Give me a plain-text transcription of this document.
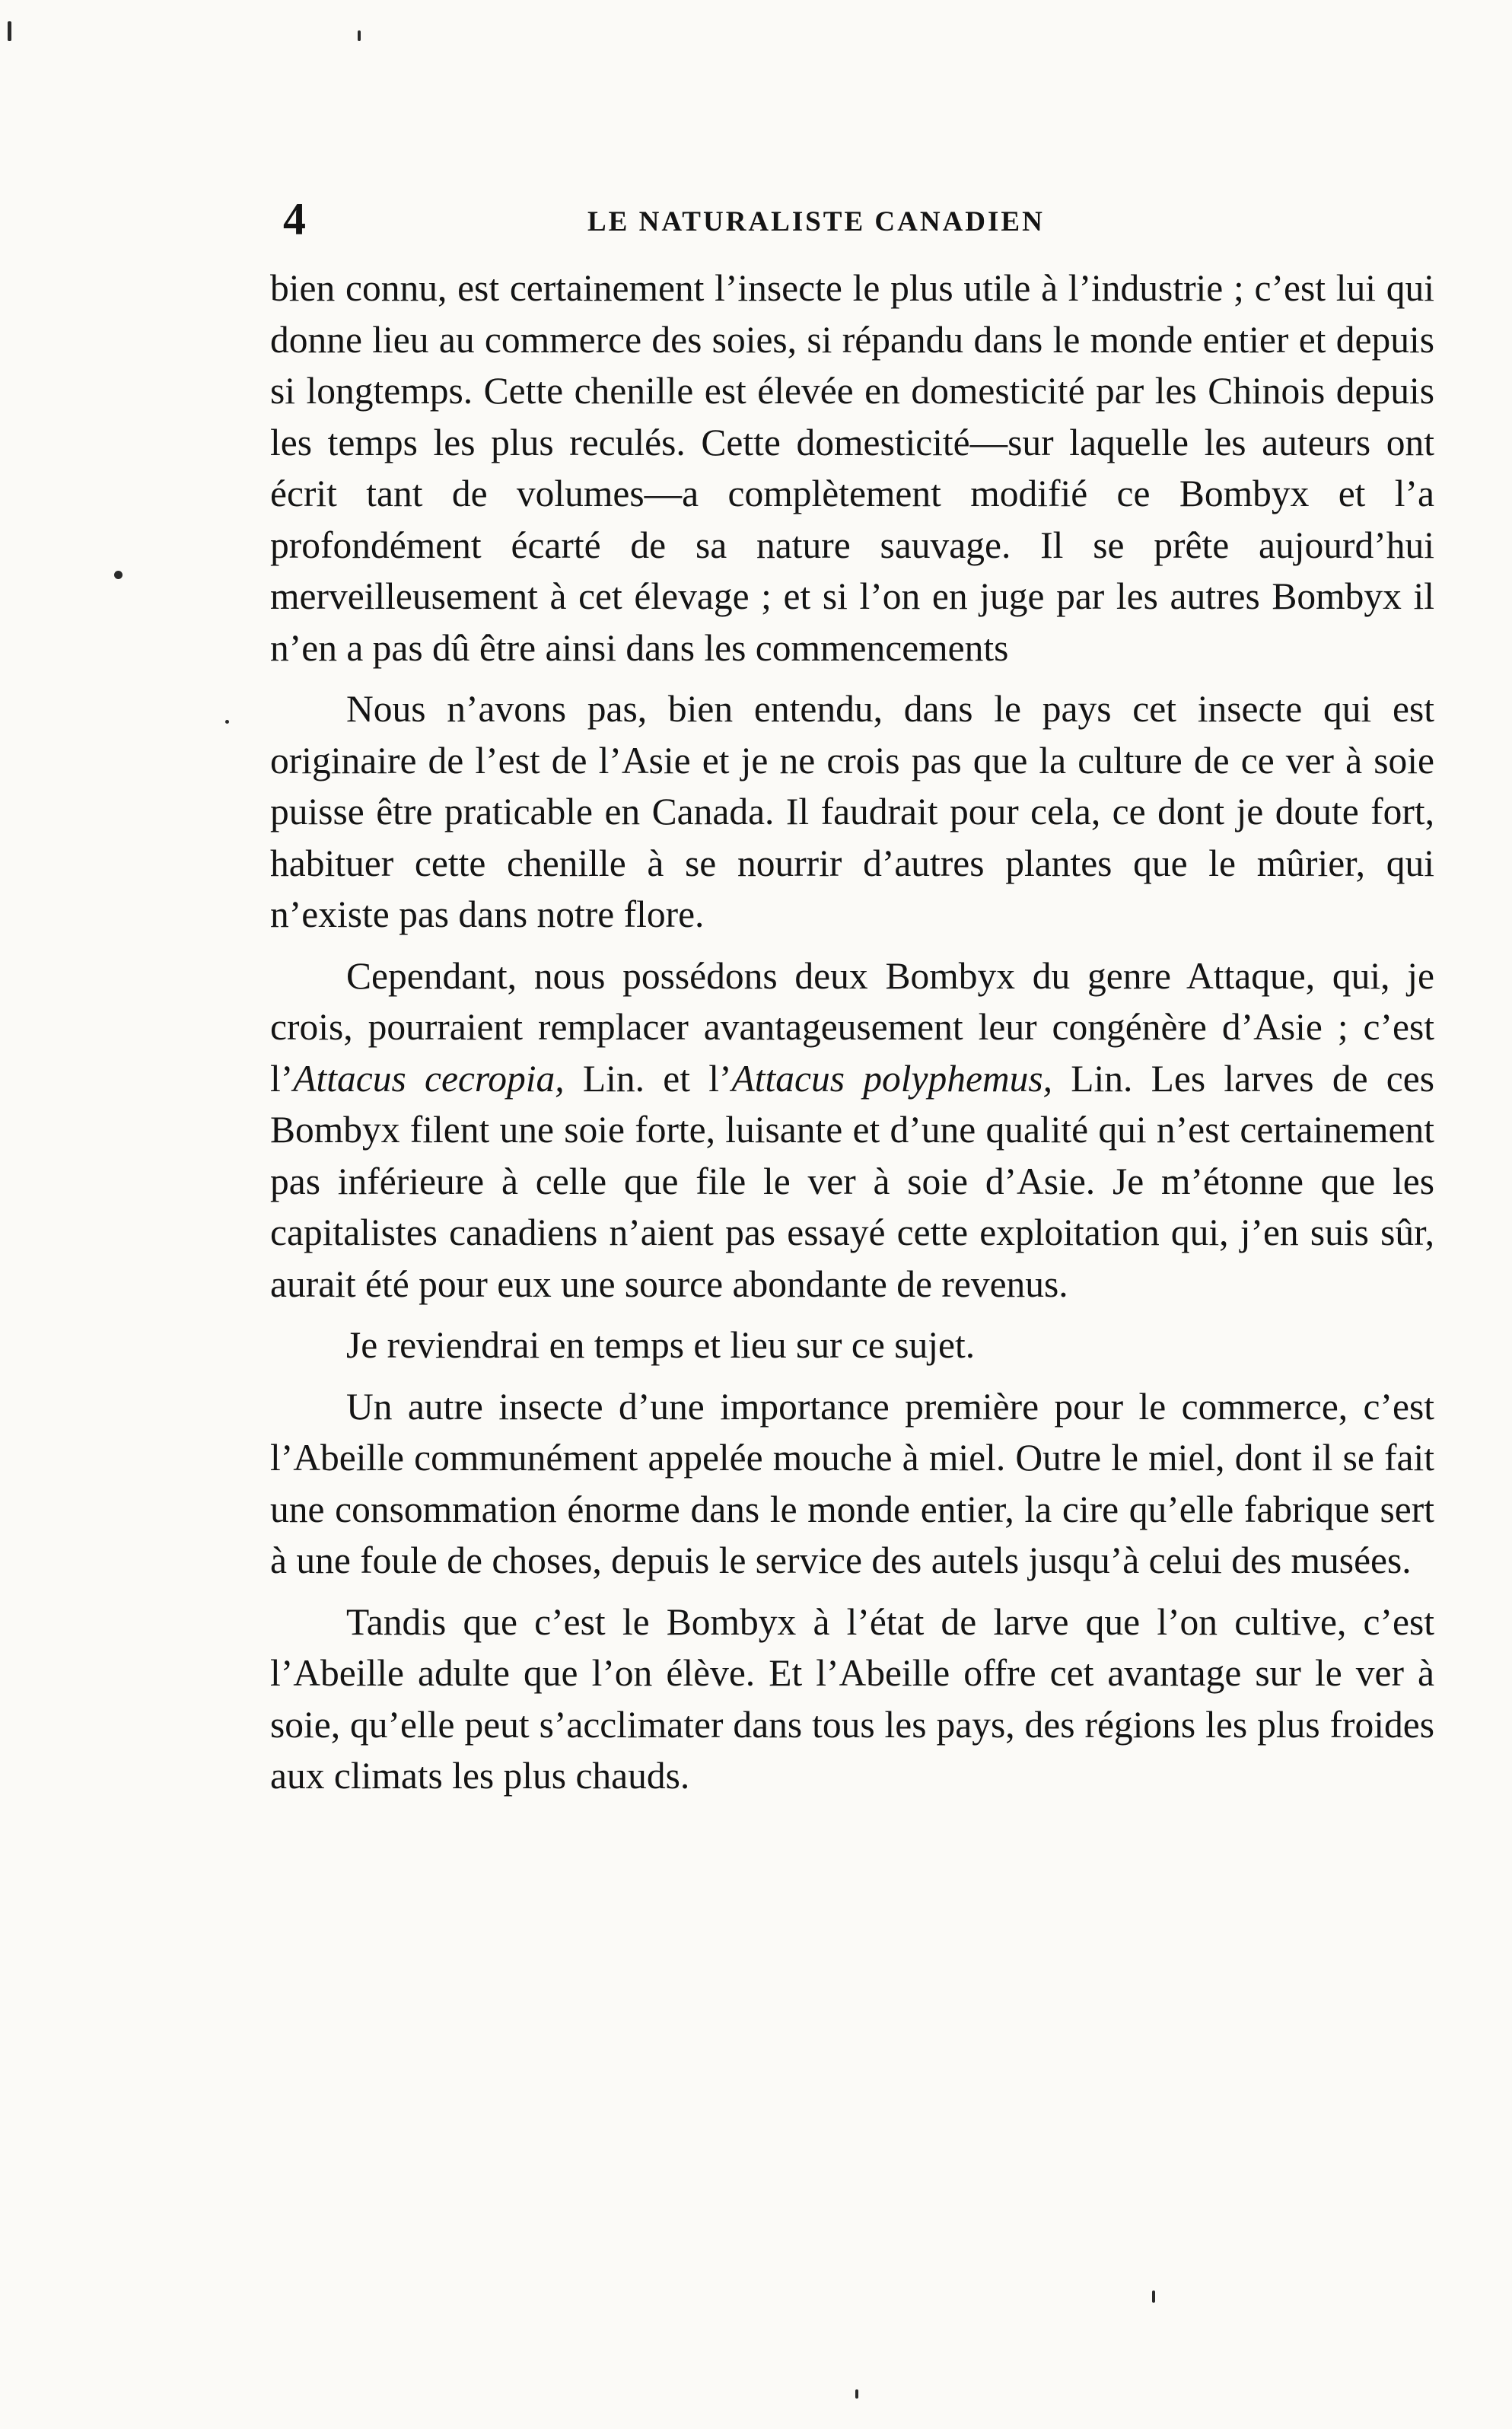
4	LE NATURALISTE CANADIEN

bien connu, est certainement l’insecte le plus utile à l’industrie ; c’est lui qui donne lieu au commerce des soies, si répandu dans le monde entier et depuis si longtemps. Cette chenille est élevée en domesticité par les Chinois depuis les temps les plus reculés. Cette domesticité—sur laquelle les auteurs ont écrit tant de volumes—a complètement modifié ce Bombyx et l’a profondément écarté de sa nature sauvage. Il se prête aujourd’hui merveilleusement à cet élevage ; et si l’on en juge par les autres Bombyx il n’en a pas dû être ainsi dans les commencements

Nous n’avons pas, bien entendu, dans le pays cet insecte qui est originaire de l’est de l’Asie et je ne crois pas que la culture de ce ver à soie puisse être praticable en Canada. Il faudrait pour cela, ce dont je doute fort, habituer cette chenille à se nourrir d’autres plantes que le mûrier, qui n’existe pas dans notre flore.

Cependant, nous possédons deux Bombyx du genre Attaque, qui, je crois, pourraient remplacer avantageusement leur congénère d’Asie ; c’est l’Attacus cecropia, Lin. et l’Attacus polyphemus, Lin. Les larves de ces Bombyx filent une soie forte, luisante et d’une qualité qui n’est certainement pas inférieure à celle que file le ver à soie d’Asie. Je m’étonne que les capitalistes canadiens n’aient pas essayé cette exploitation qui, j’en suis sûr, aurait été pour eux une source abondante de revenus.

Je reviendrai en temps et lieu sur ce sujet.

Un autre insecte d’une importance première pour le commerce, c’est l’Abeille communément appelée mouche à miel. Outre le miel, dont il se fait une consommation énorme dans le monde entier, la cire qu’elle fabrique sert à une foule de choses, depuis le service des autels jusqu’à celui des musées.

Tandis que c’est le Bombyx à l’état de larve que l’on cultive, c’est l’Abeille adulte que l’on élève. Et l’Abeille offre cet avantage sur le ver à soie, qu’elle peut s’acclimater dans tous les pays, des régions les plus froides aux climats les plus chauds.
